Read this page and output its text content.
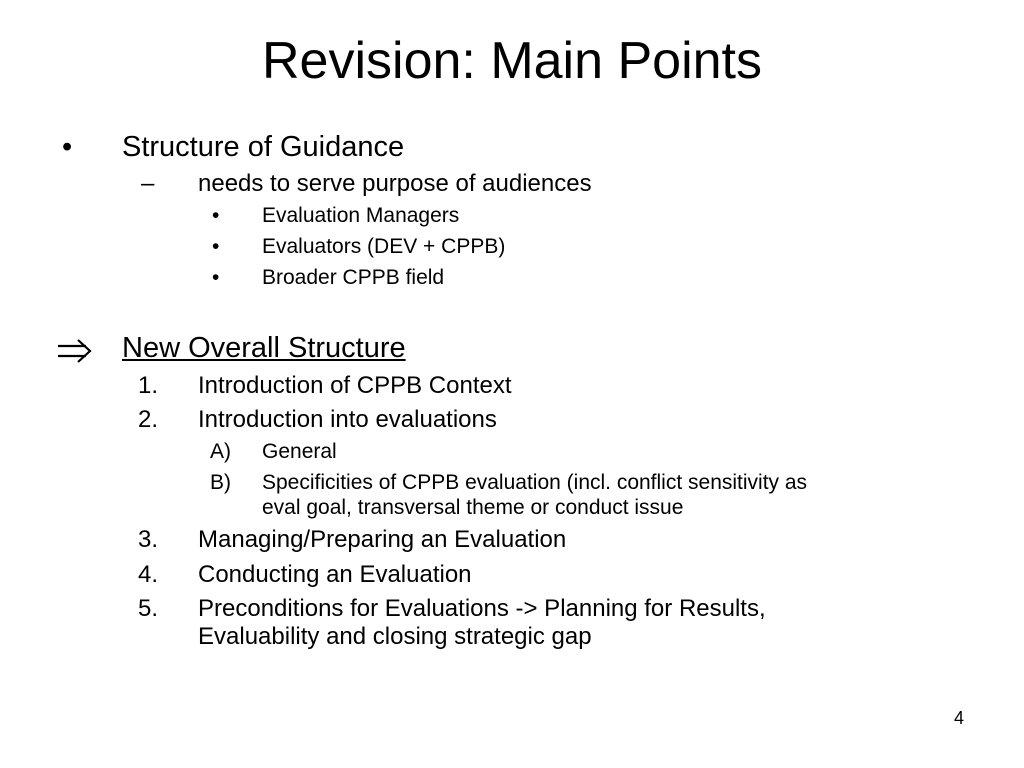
Revision: Main Points
• Structure of Guidance
– needs to serve purpose of audiences
• Evaluation Managers
• Evaluators (DEV + CPPB)
• Broader CPPB field
New Overall Structure
1. Introduction of CPPB Context
2. Introduction into evaluations
A) General
B) Specificities of CPPB evaluation (incl. conflict sensitivity as
eval goal, transversal theme or conduct issue
3. Managing/Preparing an Evaluation
4. Conducting an Evaluation
5. Preconditions for Evaluations -> Planning for Results,
Evaluability and closing strategic gap
4
